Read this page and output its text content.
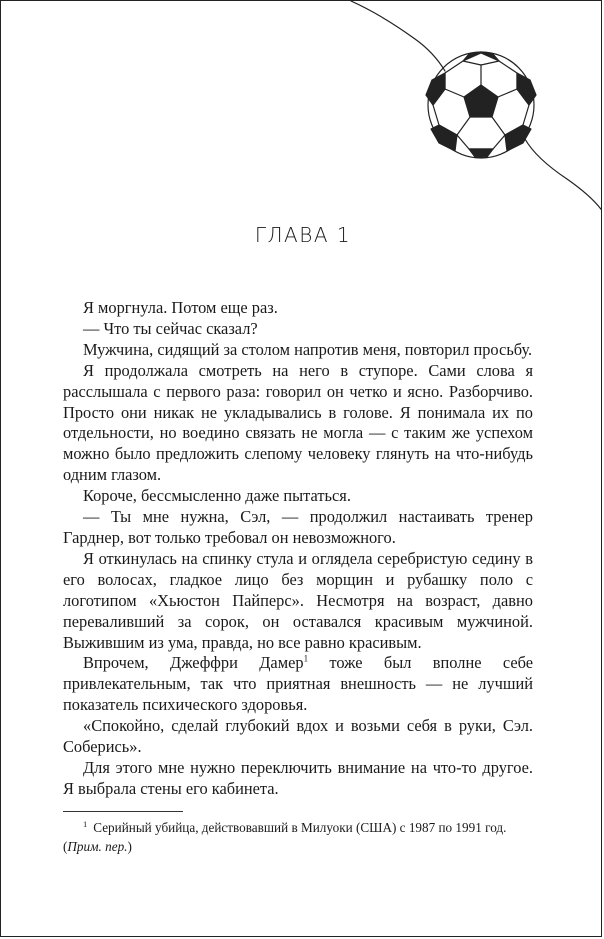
ГЛАВА 1

Я моргнула. Потом еще раз.

— Что ты сейчас сказал?

Мужчина, сидящий за столом напротив меня, повторил просьбу.

Я продолжала смотреть на него в ступоре. Сами слова я расслышала с первого раза: говорил он четко и ясно. Разборчиво. Просто они никак не укладывались в голове. Я понимала их по отдельности, но воедино связать не могла — с таким же успехом можно было предложить слепому человеку глянуть на что-нибудь одним глазом.

Короче, бессмысленно даже пытаться.

— Ты мне нужна, Сэл, — продолжил настаивать тренер Гарднер, вот только требовал он невозможного.

Я откинулась на спинку стула и оглядела серебристую седину в его волосах, гладкое лицо без морщин и рубашку поло с логотипом «Хьюстон Пайперс». Несмотря на возраст, давно переваливший за сорок, он оставался красивым мужчиной. Выжившим из ума, правда, но все равно красивым.

Впрочем, Джеффри Дамер$^1$ тоже был вполне себе привлекательным, так что приятная внешность — не лучший показатель психического здоровья.

«Спокойно, сделай глубокий вдох и возьми себя в руки, Сэл. Соберись».

Для этого мне нужно переключить внимание на что-то другое. Я выбрала стены его кабинета.

$^1$ Серийный убийца, действовавший в Милуоки (США) с 1987 по 1991 год. (Прим. пер.)
